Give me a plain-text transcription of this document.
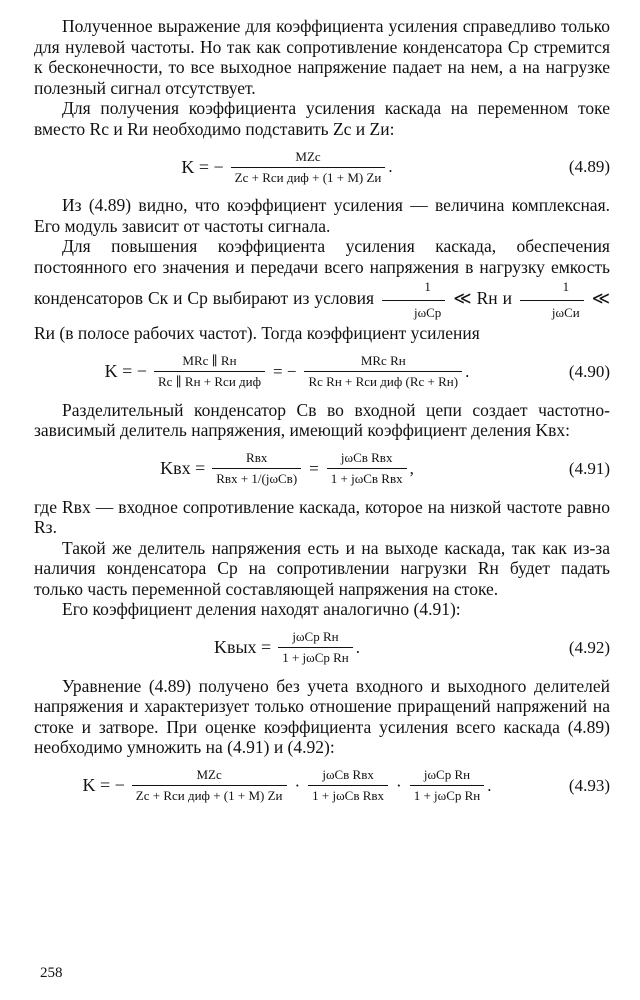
Полученное выражение для коэффициента усиления справедливо только для нулевой частоты. Но так как сопротивление конденсатора Cр стремится к бесконечности, то все выходное напряжение падает на нем, а на нагрузке полезный сигнал отсутствует.

Для получения коэффициента усиления каскада на переменном токе вместо Rс и Rи необходимо подставить Zс и Zи:

K = − $\frac{\text{MZс}}{\text{Zс + Rси диф + (1 + M) Zи}}$ .	(4.89)

Из (4.89) видно, что коэффициент усиления — величина комплексная. Его модуль зависит от частоты сигнала.

Для повышения коэффициента усиления каскада, обеспечения постоянного его значения и передачи всего напряжения в нагрузку емкость конденсаторов Cк и Cр выбирают из условия $\frac{1}{\text{jωCр}}$ ≪ Rн и $\frac{1}{\text{jωCи}}$ ≪ Rи (в полосе рабочих частот). Тогда коэффициент усиления

K = − $\frac{\text{MRс ∥ Rн}}{\text{Rс ∥ Rн + Rси диф}}$ = − $\frac{\text{MRс Rн}}{\text{Rс Rн + Rси диф (Rс + Rн)}}$ .	(4.90)

Разделительный конденсатор Cв во входной цепи создает частотно-зависимый делитель напряжения, имеющий коэффициент деления Kвх:

Kвх = $\frac{\text{Rвх}}{\text{Rвх + 1/(jωCв)}} = \frac{\text{jωCв Rвх}}{\text{1 + jωCв Rвх}}$ ,	(4.91)

где Rвх — входное сопротивление каскада, которое на низкой частоте равно Rз.

Такой же делитель напряжения есть и на выходе каскада, так как из-за наличия конденсатора Cр на сопротивлении нагрузки Rн будет падать только часть переменной составляющей напряжения на стоке.

Его коэффициент деления находят аналогично (4.91):

Kвых = $\frac{\text{jωCр Rн}}{\text{1 + jωCр Rн}}$ .	(4.92)

Уравнение (4.89) получено без учета входного и выходного делителей напряжения и характеризует только отношение приращений напряжений на стоке и затворе. При оценке коэффициента усиления всего каскада (4.89) необходимо умножить на (4.91) и (4.92):

K = − $\frac{\text{MZс}}{\text{Zс + Rси диф + (1 + M) Zи}} \cdot \frac{\text{jωCв Rвх}}{\text{1 + jωCв Rвх}} \cdot \frac{\text{jωCр Rн}}{\text{1 + jωCр Rн}}$ .	(4.93)
258
